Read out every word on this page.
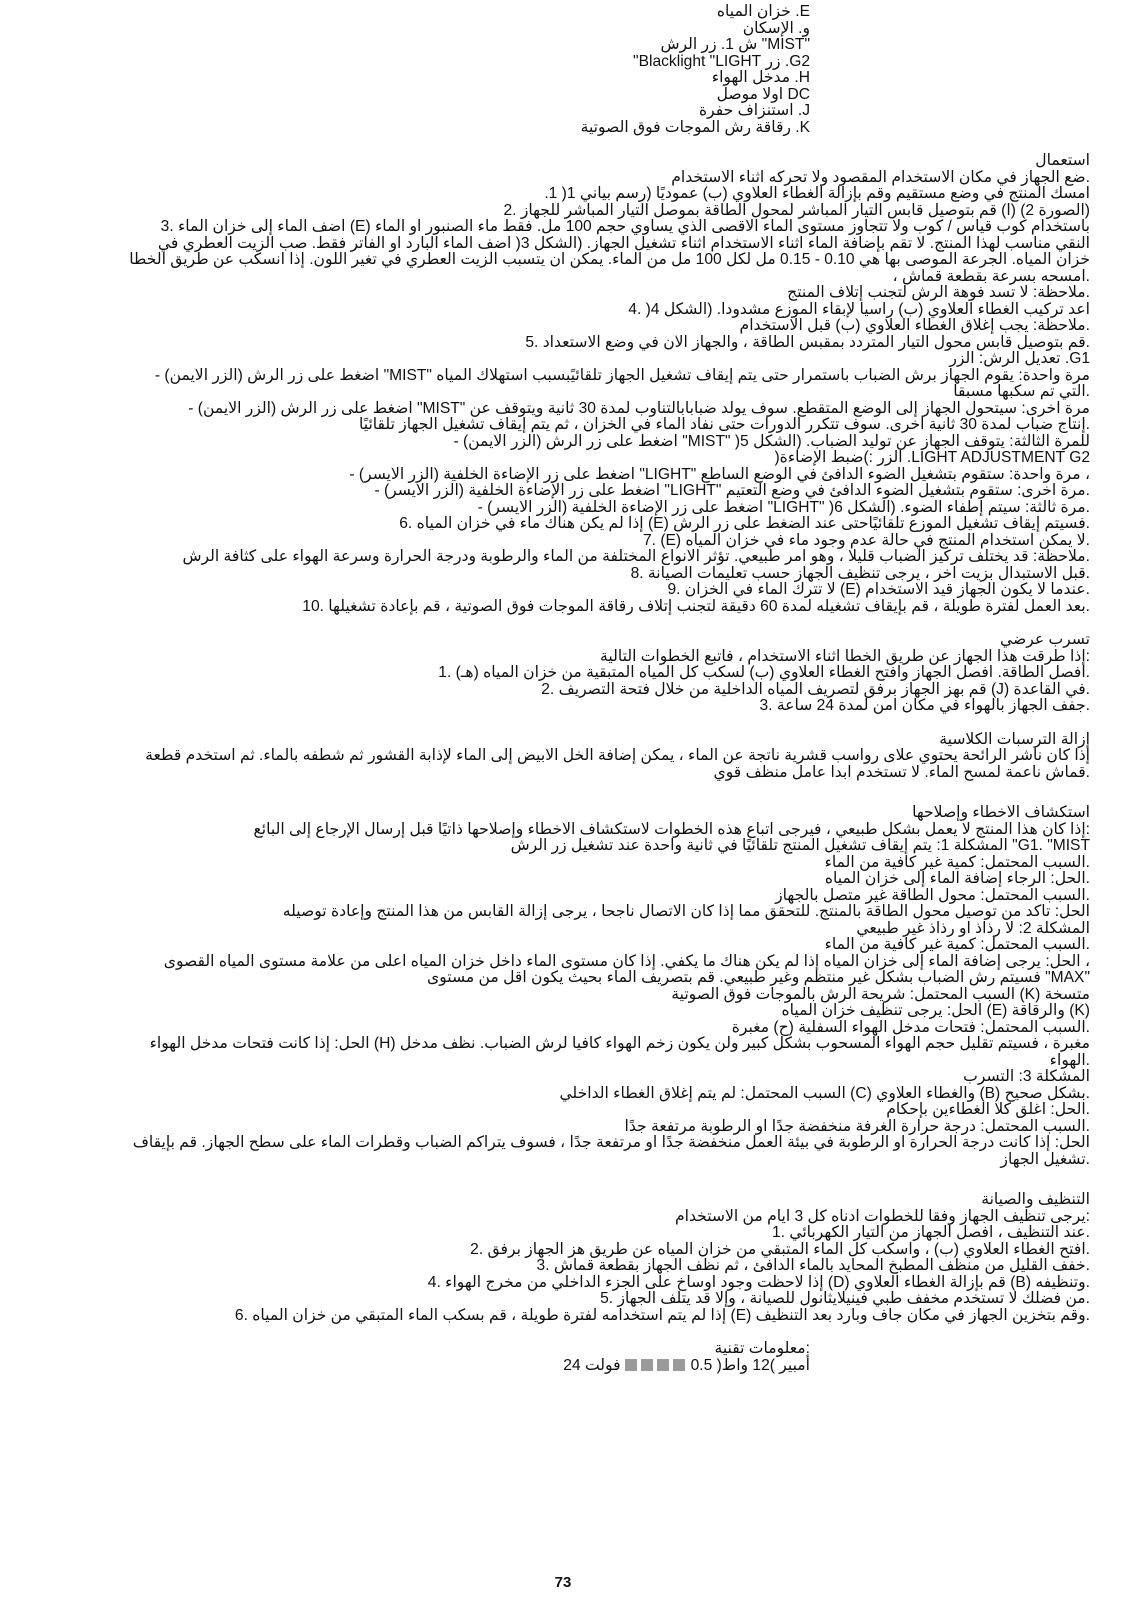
E. خزان المياه
و. الإسكان
"MIST" ش 1. زر الرش
G2. زر Blacklight "LIGHT"
H. مدخل الهواء
DC أولا موصل
J. استنزاف حفرة
K. رقاقة رش الموجات فوق الصوتية
استعمال
.ضع الجهاز في مكان الاستخدام المقصود ولا تحركه أثناء الاستخدام
امسك المنتج في وضع مستقيم وقم بإزالة الغطاء العلاوي (ب) عموديًا (رسم بياني 1( 1.
(الصورة 2) (أ) قم بتوصيل قابس التيار المباشر لمحول الطاقة بموصل التيار المباشر للجهاز .2
باستخدام كوب قياس / كوب ولا تتجاوز مستوى الماء الأقصى الذي يساوي حجم 100 مل. فقط ماء الصنبور أو الماء (E) أضف الماء إلى خزان الماء .3
النقي مناسب لهذا المنتج. لا تقم بإضافة الماء أثناء الاستخدام أثناء تشغيل الجهاز. (الشكل 3( أضف الماء البارد أو الفاتر فقط. صب الزيت العطري في
خزان المياه. الجرعة الموصى بها هي 0.10 - 0.15 مل لكل 100 مل من الماء. يمكن أن يتسبب الزيت العطري في تغير اللون. إذا انسكب عن طريق الخطأ
.امسحه بسرعة بقطعة قماش ،
.ملاحظة: لا تسد فوهة الرش لتجنب إتلاف المنتج
أعد تركيب الغطاء العلاوي (ب) رأسياً لإبقاء الموزع مشدوداً. (الشكل 4( .4
.ملاحظة: يجب إغلاق الغطاء العلاوي (ب) قبل الاستخدام
.قم بتوصيل قابس محول التيار المتردد بمقبس الطاقة ، والجهاز الآن في وضع الاستعداد .5
G1. تعديل الرش: الزر
مرة واحدة: يقوم الجهاز برش الضباب باستمرار حتى يتم إيقاف تشغيل الجهاز تلقائيًبسبب استهلاك المياه "MIST" اضغط على زر الرش (الزر الأيمن) -
.التي تم سكبها مسبقاً
مرة أخرى: سيتحول الجهاز إلى الوضع المتقطع. سوف يولد ضباباًبالتناوب لمدة 30 ثانية ويتوقف عن "MIST" اضغط على زر الرش (الزر الأيمن) -
.إنتاج ضباب لمدة 30 ثانية أخرى. سوف تتكرر الدورات حتى نفاد الماء في الخزان ، ثم يتم إيقاف تشغيل الجهاز تلقائيًا
للمرة الثالثة: يتوقف الجهاز عن توليد الضباب. (الشكل 5( "MIST" اضغط على زر الرش (الزر الأيمن) -
LIGHT ADJUSTMENT G2. الزر :)ضبط الإضاءة(
، مرة واحدة: ستقوم بتشغيل الضوء الدافئ في الوضع الساطع "LIGHT" اضغط على زر الإضاءة الخلفية (الزر الأيسر) -
.مرة أخرى: ستقوم بتشغيل الضوء الدافئ في وضع التعتيم "LIGHT" اضغط على زر الإضاءة الخلفية (الزر الأيسر) -
.مرة ثالثة: سيتم إطفاء الضوء. (الشكل 6( "LIGHT" اضغط على زر الإضاءة الخلفية (الزر الأيسر) -
.فسيتم إيقاف تشغيل الموزع تلقائيًاحتى عند الضغط على زر الرش (E) إذا لم يكن هناك ماء في خزان المياه .6
.لا يمكن استخدام المنتج في حالة عدم وجود ماء في خزان المياه (E) .7
.ملاحظة: قد يختلف تركيز الضباب قليلاً ، وهو أمر طبيعي. تؤثر الأنواع المختلفة من الماء والرطوبة ودرجة الحرارة وسرعة الهواء على كثافة الرش
.قبل الاستبدال بزيت آخر ، يرجى تنظيف الجهاز حسب تعليمات الصيانة .8
.عندما لا يكون الجهاز قيد الاستخدام (E) لا تترك الماء في الخزان .9
.بعد العمل لفترة طويلة ، قم بإيقاف تشغيله لمدة 60 دقيقة لتجنب إتلاف رقاقة الموجات فوق الصوتية ، قم بإعادة تشغيلها .10
تسرب عرضي
:إذا طرقت هذا الجهاز عن طريق الخطأ أثناء الاستخدام ، فاتبع الخطوات التالية
.افصل الطاقة. افصل الجهاز وافتح الغطاء العلاوي (ب) لسكب كل المياه المتبقية من خزان المياه (هـ) .1
.في القاعدة (J) قم بهز الجهاز برفق لتصريف المياه الداخلية من خلال فتحة التصريف .2
.جفف الجهاز بالهواء في مكان آمن لمدة 24 ساعة .3
إزالة الترسبات الكلاسية
إذا كان ناشر الرائحة يحتوي علاى رواسب قشرية ناتجة عن الماء ، يمكن إضافة الخل الأبيض إلى الماء لإذابة القشور ثم شطفه بالماء. ثم استخدم قطعة
.قماش ناعمة لمسح الماء. لا تستخدم أبداً عامل منظف قوي
استكشاف الأخطاء وإصلاحها
:إذا كان هذا المنتج لا يعمل بشكل طبيعي ، فيرجى اتباع هذه الخطوات لاستكشاف الأخطاء وإصلاحها ذاتيًا قبل إرسال الإرجاع إلى البائع
G1. "MIST" المشكلة 1: يتم إيقاف تشغيل المنتج تلقائيًا في ثانية واحدة عند تشغيل زر الرش
.السبب المحتمل: كمية غير كافية من الماء
.الحل: الرجاء إضافة الماء إلى خزان المياه
.السبب المحتمل: محول الطاقة غير متصل بالجهاز
الحل: تأكد من توصيل محول الطاقة بالمنتج. للتحقق مما إذا كان الاتصال ناجحا ، يرجى إزالة القابس من هذا المنتج وإعادة توصيله
المشكلة 2: لا رذاذ أو رذاذ غير طبيعي
.السبب المحتمل: كمية غير كافية من الماء
، الحل: يرجى إضافة الماء إلى خزان المياه إذا لم يكن هناك ما يكفي. إذا كان مستوى الماء داخل خزان المياه أعلى من علامة مستوى المياه القصوى
"MAX" فسيتم رش الضباب بشكل غير منتظم وغير طبيعي. قم بتصريف الماء بحيث يكون أقل من مستوى
متسخة (K) السبب المحتمل: شريحة الرش بالموجات فوق الصوتية
(K) والرقاقة (E) الحل: يرجى تنظيف خزان المياه
.السبب المحتمل: فتحات مدخل الهواء السفلية (ح) مغبرة
مغبرة ، فسيتم تقليل حجم الهواء المسحوب بشكل كبير ولن يكون زخم الهواء كافياً لرش الضباب. نظف مدخل (H) الحل: إذا كانت فتحات مدخل الهواء
.الهواء
المشكلة 3: التسرب
.بشكل صحيح (B) والغطاء العلاوي (C) السبب المحتمل: لم يتم إغلاق الغطاء الداخلي
.الحل: أغلق كلا الغطاءين بإحكام
.السبب المحتمل: درجة حرارة الغرفة منخفضة جدًا أو الرطوبة مرتفعة جدًا
الحل: إذا كانت درجة الحرارة أو الرطوبة في بيئة العمل منخفضة جدًا أو مرتفعة جدًا ، فسوف يتراكم الضباب وقطرات الماء على سطح الجهاز. قم بإيقاف
.تشغيل الجهاز
التنظيف والصيانة
:يرجى تنظيف الجهاز وفقاً للخطوات أدناه كل 3 أيام من الاستخدام
.عند التنظيف ، افصل الجهاز من التيار الكهربائي .1
.افتح الغطاء العلاوي (ب) ، واسكب كل الماء المتبقي من خزان المياه عن طريق هز الجهاز برفق .2
.خفف القليل من منظف المطبخ المحايد بالماء الدافئ ، ثم نظف الجهاز بقطعة قماش .3
.وتنظيفه (B) قم بإزالة الغطاء العلاوي (D) إذا لاحظت وجود أوساخ على الجزء الداخلي من مخرج الهواء .4
.من فضلك لا تستخدم مخفف طبي فينيلايثانول للصيانة ، وإلا قد يتلف الجهاز .5
.وقم بتخزين الجهاز في مكان جاف وبارد بعد التنظيف (E) إذا لم يتم استخدامه لفترة طويلة ، قم بسكب الماء المتبقي من خزان المياه .6
:معلومات تقنية
أمبير )12 واط( 0.5فولت 24
73
